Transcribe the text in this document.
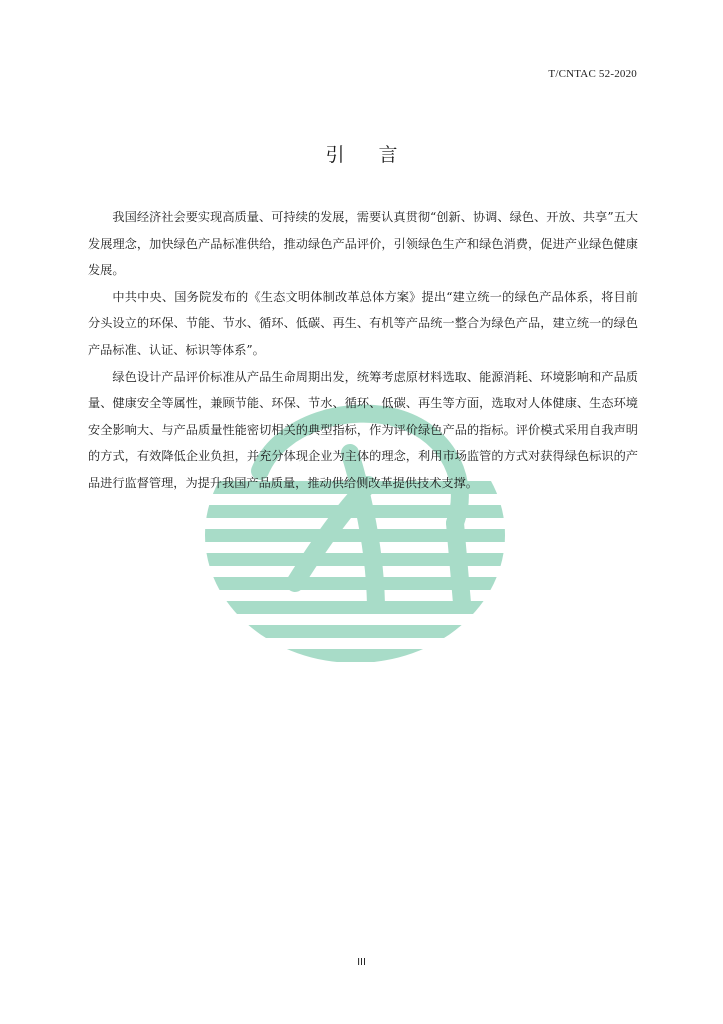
T/CNTAC 52-2020
引言

我国经济社会要实现高质量、可持续的发展，需要认真贯彻“创新、协调、绿色、开放、共享”五大发展理念，加快绿色产品标准供给，推动绿色产品评价，引领绿色生产和绿色消费，促进产业绿色健康发展。

中共中央、国务院发布的《生态文明体制改革总体方案》提出“建立统一的绿色产品体系，将目前分头设立的环保、节能、节水、循环、低碳、再生、有机等产品统一整合为绿色产品，建立统一的绿色产品标准、认证、标识等体系”。

绿色设计产品评价标准从产品生命周期出发，统筹考虑原材料选取、能源消耗、环境影响和产品质量、健康安全等属性，兼顾节能、环保、节水、循环、低碳、再生等方面，选取对人体健康、生态环境安全影响大、与产品质量性能密切相关的典型指标，作为评价绿色产品的指标。评价模式采用自我声明的方式，有效降低企业负担，并充分体现企业为主体的理念，利用市场监管的方式对获得绿色标识的产品进行监督管理，为提升我国产品质量，推动供给侧改革提供技术支撑。

III
